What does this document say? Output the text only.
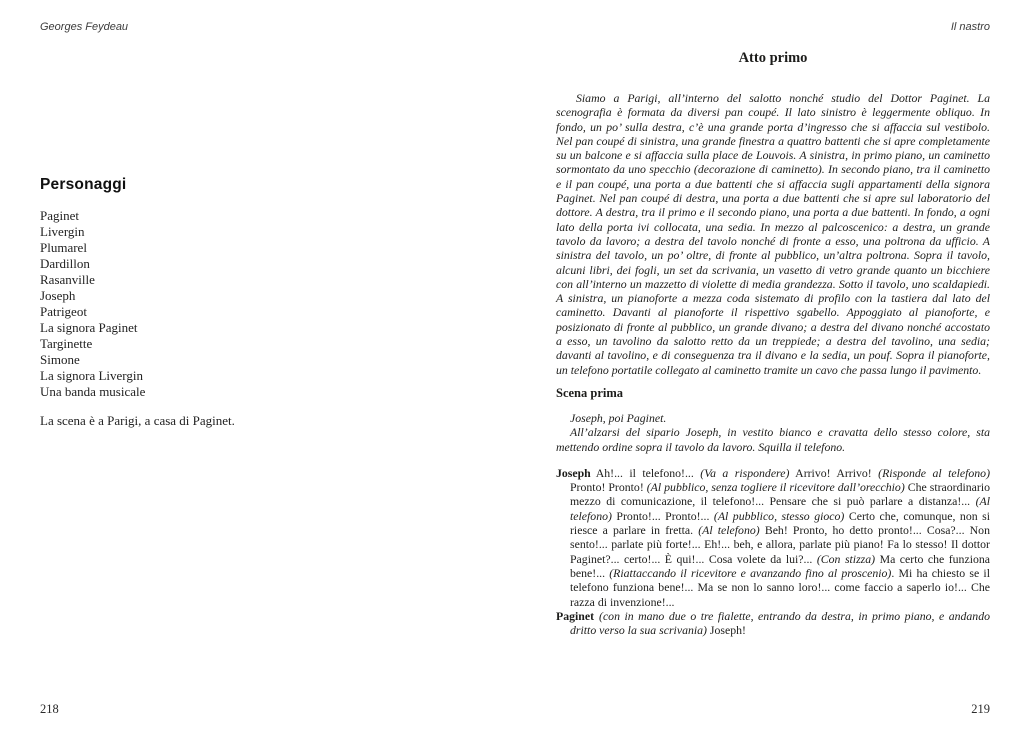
Georges Feydeau
Personaggi
Paginet
Livergin
Plumarel
Dardillon
Rasanville
Joseph
Patrigeot
La signora Paginet
Targinette
Simone
La signora Livergin
Una banda musicale

La scena è a Parigi, a casa di Paginet.

218
Il nastro
Atto primo

Siamo a Parigi, all’interno del salotto nonché studio del Dottor Paginet. La scenografia è formata da diversi pan coupé. Il lato sinistro è leggermente obliquo. In fondo, un po’ sulla destra, c’è una grande porta d’ingresso che si affaccia sul vestibolo. Nel pan coupé di sinistra, una grande finestra a quattro battenti che si apre completamente su un balcone e si affaccia sulla place de Louvois. A sinistra, in primo piano, un caminetto sormontato da uno specchio (decorazione di caminetto). In secondo piano, tra il caminetto e il pan coupé, una porta a due battenti che si affaccia sugli appartamenti della signora Paginet. Nel pan coupé di destra, una porta a due battenti che si apre sul laboratorio del dottore. A destra, tra il primo e il secondo piano, una porta a due battenti. In fondo, a ogni lato della porta ivi collocata, una sedia. In mezzo al palcoscenico: a destra, un grande tavolo da lavoro; a destra del tavolo nonché di fronte a esso, una poltrona da ufficio. A sinistra del tavolo, un po’ oltre, di fronte al pubblico, un’altra poltrona. Sopra il tavolo, alcuni libri, dei fogli, un set da scrivania, un vasetto di vetro grande quanto un bicchiere con all’interno un mazzetto di violette di media grandezza. Sotto il tavolo, uno scaldapiedi. A sinistra, un pianoforte a mezza coda sistemato di profilo con la tastiera dal lato del caminetto. Davanti al pianoforte il rispettivo sgabello. Appoggiato al pianoforte, e posizionato di fronte al pubblico, un grande divano; a destra del divano nonché accostato a esso, un tavolino da salotto retto da un treppiede; a destra del tavolino, una sedia; davanti al tavolino, e di conseguenza tra il divano e la sedia, un pouf. Sopra il pianoforte, un telefono portatile collegato al caminetto tramite un cavo che passa lungo il pavimento.

Scena prima

Joseph, poi Paginet.

All’alzarsi del sipario Joseph, in vestito bianco e cravatta dello stesso colore, sta mettendo ordine sopra il tavolo da lavoro. Squilla il telefono.

Joseph Ah!... il telefono!... (Va a rispondere) Arrivo! Arrivo! (Risponde al telefono) Pronto! Pronto! (Al pubblico, senza togliere il ricevitore dall’orecchio) Che straordinario mezzo di comunicazione, il telefono!... Pensare che si può parlare a distanza!... (Al telefono) Pronto!... Pronto!... (Al pubblico, stesso gioco) Certo che, comunque, non si riesce a parlare in fretta. (Al telefono) Beh! Pronto, ho detto pronto!... Cosa?... Non sento!... parlate più forte!... Eh!... beh, e allora, parlate più piano! Fa lo stesso! Il dottor Paginet?... certo!... È qui!... Cosa volete da lui?... (Con stizza) Ma certo che funziona bene!... (Riattaccando il ricevitore e avanzando fino al proscenio). Mi ha chiesto se il telefono funziona bene!... Ma se non lo sanno loro!... come faccio a saperlo io!... Che razza di invenzione!...

Paginet (con in mano due o tre fialette, entrando da destra, in primo piano, e andando dritto verso la sua scrivania) Joseph!

219
